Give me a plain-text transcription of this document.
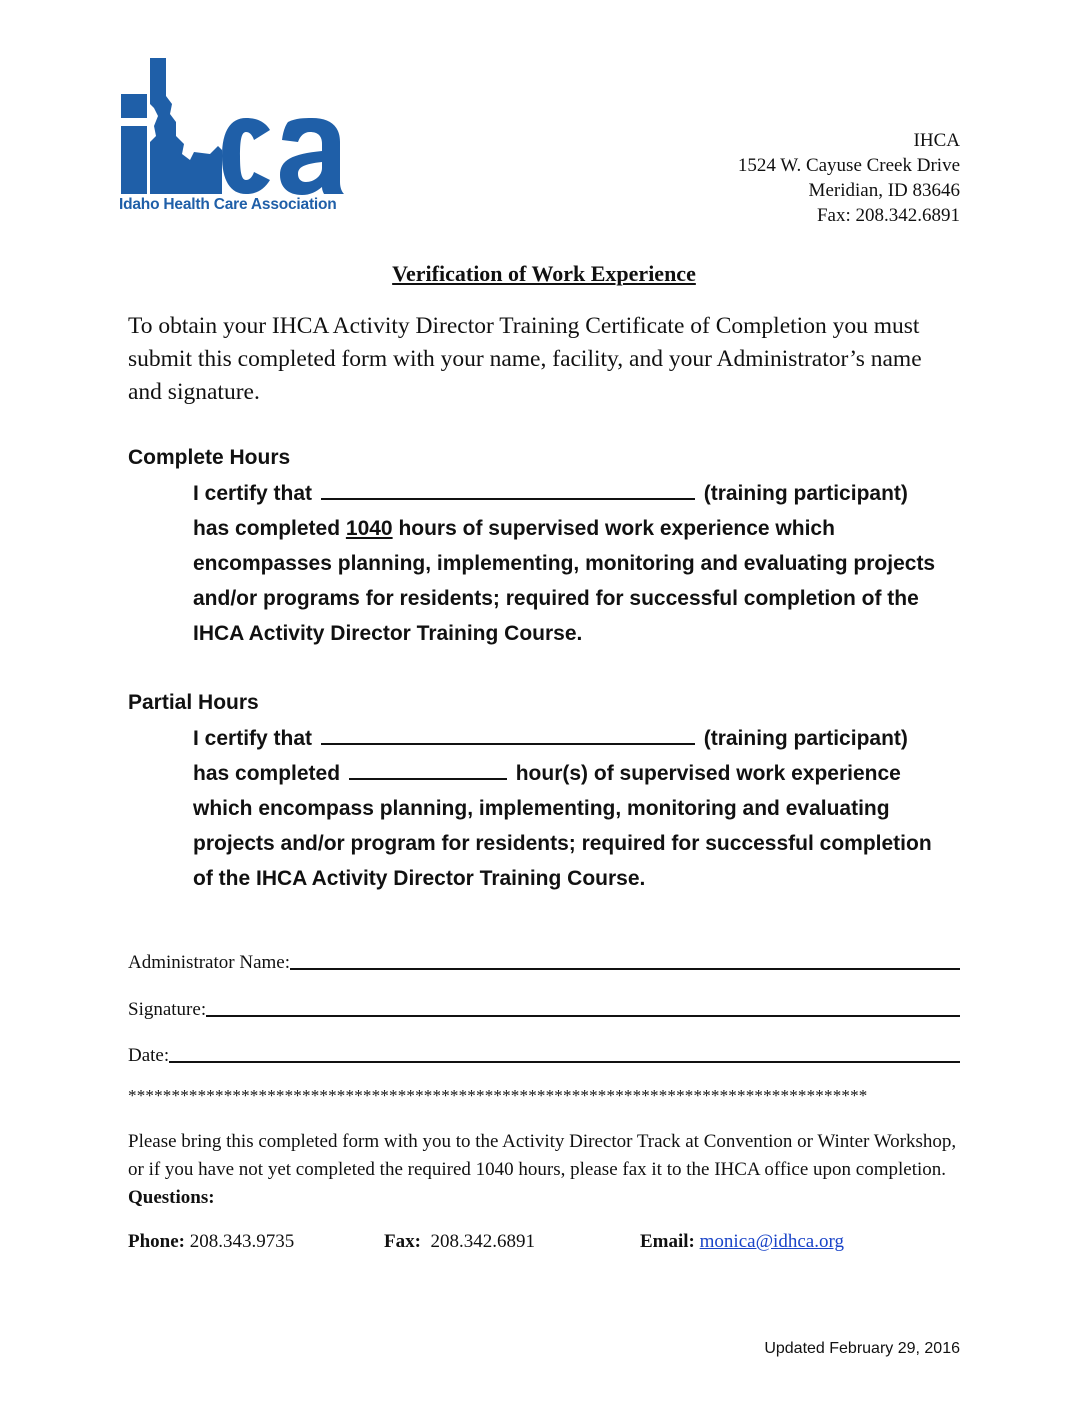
Idaho Health Care Association
IHCA
1524 W. Cayuse Creek Drive
Meridian, ID 83646
Fax: 208.342.6891
Verification of Work Experience
To obtain your IHCA Activity Director Training Certificate of Completion you must submit this completed form with your name, facility, and your Administrator’s name and signature.
Complete Hours
I certify that	(training participant)
has completed 1040 hours of supervised work experience which
encompasses planning, implementing, monitoring and evaluating projects
and/or programs for residents; required for successful completion of the
IHCA Activity Director Training Course.
Partial Hours
I certify that	(training participant)
has completed	hour(s) of supervised work experience
which encompass planning, implementing, monitoring and evaluating
projects and/or program for residents; required for successful completion
of the IHCA Activity Director Training Course.
Administrator Name:
Signature:
Date:
*************************************************************************************
Please bring this completed form with you to the Activity Director Track at Convention or Winter Workshop, or if you have not yet completed the required 1040 hours, please fax it to the IHCA office upon completion. Questions:
Phone: 208.343.9735	Fax: 208.342.6891	Email: monica@idhca.org
Updated February 29, 2016
